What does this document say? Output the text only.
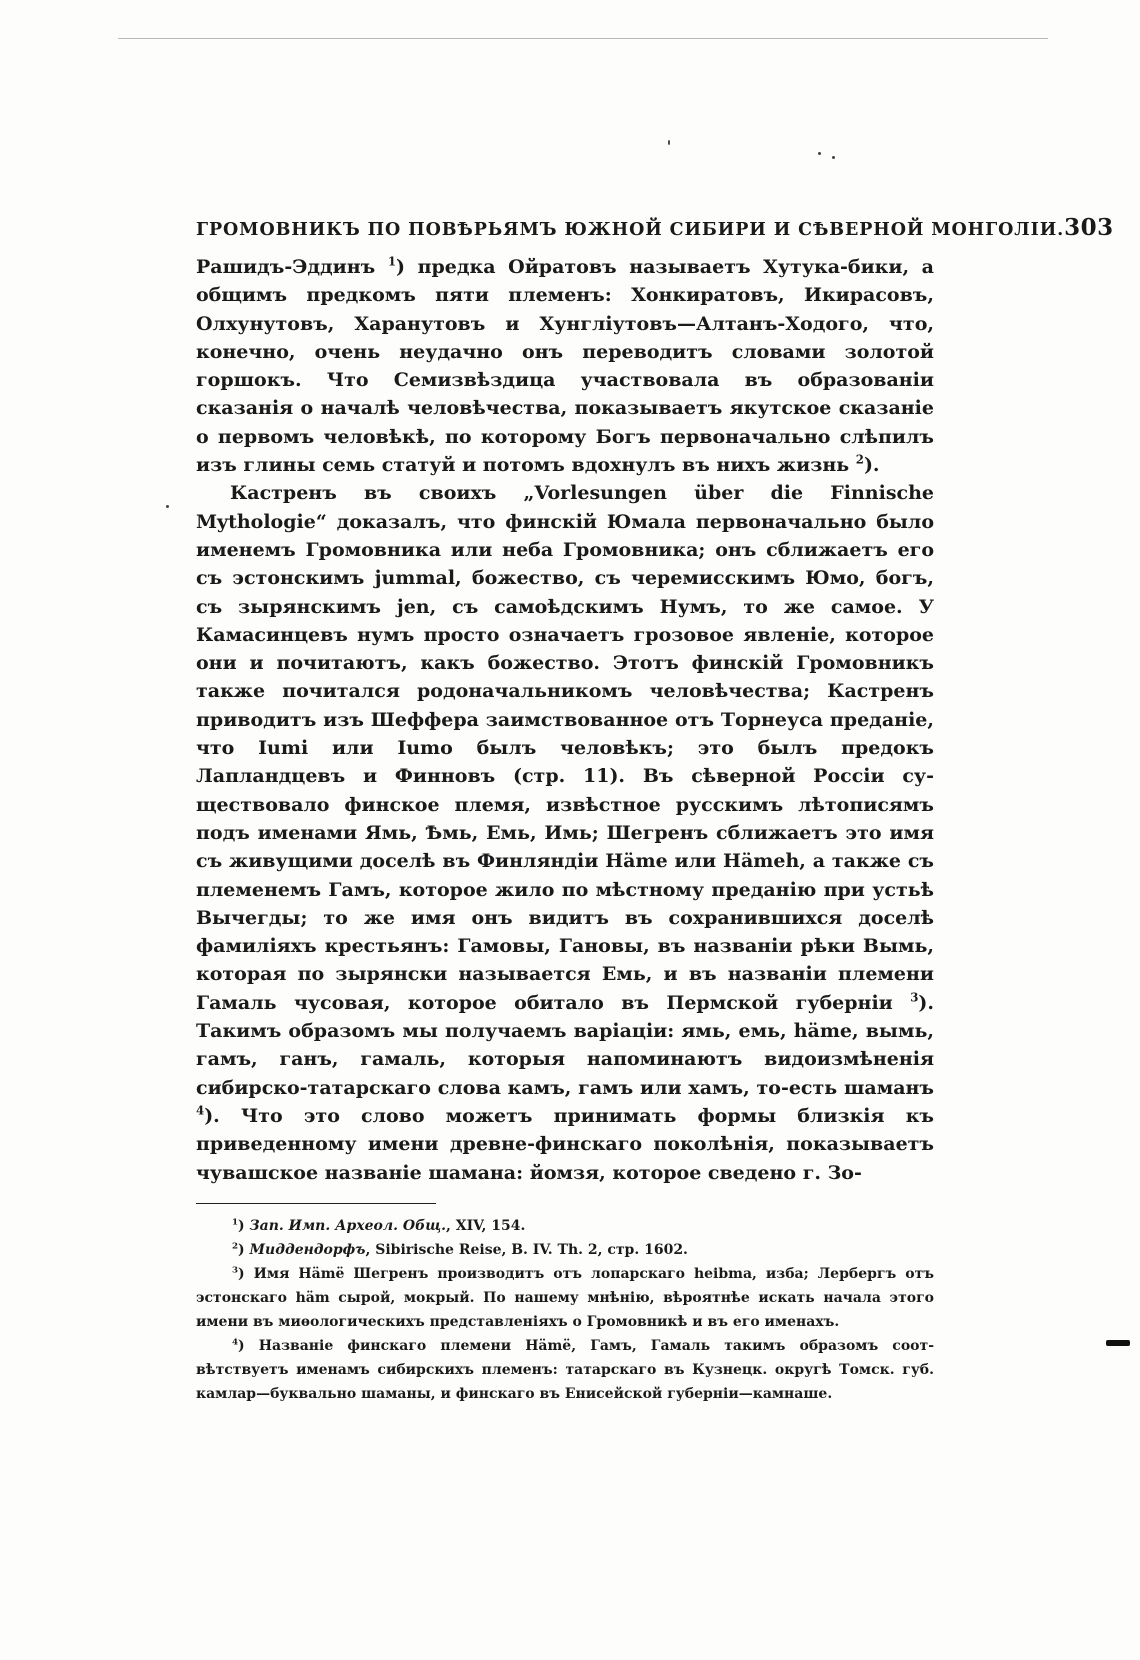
ГРОМОВНИКЪ ПО ПОВѢРЬЯМЪ ЮЖНОЙ СИБИРИ И СѢВЕРНОЙ МОНГОЛІИ. 303

Рашидъ-Эддинъ $^1$) предка Ойратовъ называетъ Хутука-бики, а общимъ предкомъ пяти племенъ: Хонкиратовъ, Икирасовъ, Олхунутовъ, Харанутовъ и Хунгліутовъ—Алтанъ-Ходого, что, конечно, очень неудачно онъ переводитъ словами золотой горшокъ. Что Семизвѣздица участвовала въ образованіи сказанія о началѣ человѣчества, показываетъ якутское сказаніе о первомъ человѣкѣ, по которому Богъ первоначально слѣпилъ изъ глины семь статуй и потомъ вдохнулъ въ нихъ жизнь $^2$).

Кастренъ въ своихъ „Vorlesungen über die Finnische Mythologie“ доказалъ, что финскій Юмала первоначально было именемъ Громовника или неба Громовника; онъ сближаетъ его съ эстонскимъ jummal, божество, съ черемисскимъ Юмо, богъ, съ зырянскимъ jen, съ самоѣдскимъ Нумъ, то же самое. У Камасинцевъ нумъ просто означаетъ грозовое явленіе, которое они и почитаютъ, какъ божество. Этотъ финскій Громовникъ также почитался родоначальникомъ человѣчества; Кастренъ приводитъ изъ Шеффера заимствованное отъ Торнеуса преданіе, что Iumi или Iumo былъ человѣкъ; это былъ предокъ Лапландцевъ и Финновъ (стр. 11). Въ сѣверной Россіи существовало финское племя, извѣстное русскимъ лѣтописямъ подъ именами Ямь, Ѣмь, Емь, Имь; Шегренъ сближаетъ это имя съ живущими доселѣ въ Финляндіи Häme или Hämeh, а также съ племенемъ Гамъ, которое жило по мѣстному преданію при устьѣ Вычегды; то же имя онъ видитъ въ сохранившихся доселѣ фамиліяхъ крестьянъ: Гамовы, Гановы, въ названіи рѣки Вымь, которая по зырянски называется Емь, и въ названіи племени Гамаль чусовая, которое обитало въ Пермской губерніи $^3$). Такимъ образомъ мы получаемъ варіаціи: ямь, емь, häme, вымь, гамъ, ганъ, гамаль, которыя напоминаютъ видоизмѣненія сибирско-татарскаго слова камъ, гамъ или хамъ, то-есть шаманъ $^4$). Что это слово можетъ принимать формы близкія къ приведенному имени древне-финскаго поколѣнія, показываетъ чувашское названіе шамана: йомзя, которое сведено г. Зо-

$^1$) Зап. Имп. Археол. Общ., XIV, 154.

$^2$) Миддендорфъ, Sibirische Reise, B. IV. Th. 2, стр. 1602.

$^3$) Имя Hämë Шегренъ производитъ отъ лопарскаго heibma, изба; Лербергъ отъ эстонскаго häm сырой, мокрый. По нашему мнѣнію, вѣроятнѣе искать начала этого имени въ миѳологическихъ представленіяхъ о Громовникѣ и въ его именахъ.

$^4$) Названіе финскаго племени Hämë, Гамъ, Гамаль такимъ образомъ соотвѣтствуетъ именамъ сибирскихъ племенъ: татарскаго въ Кузнецк. округѣ Томск. губ. камлар—буквально шаманы, и финскаго въ Енисейской губерніи—камнаше.
